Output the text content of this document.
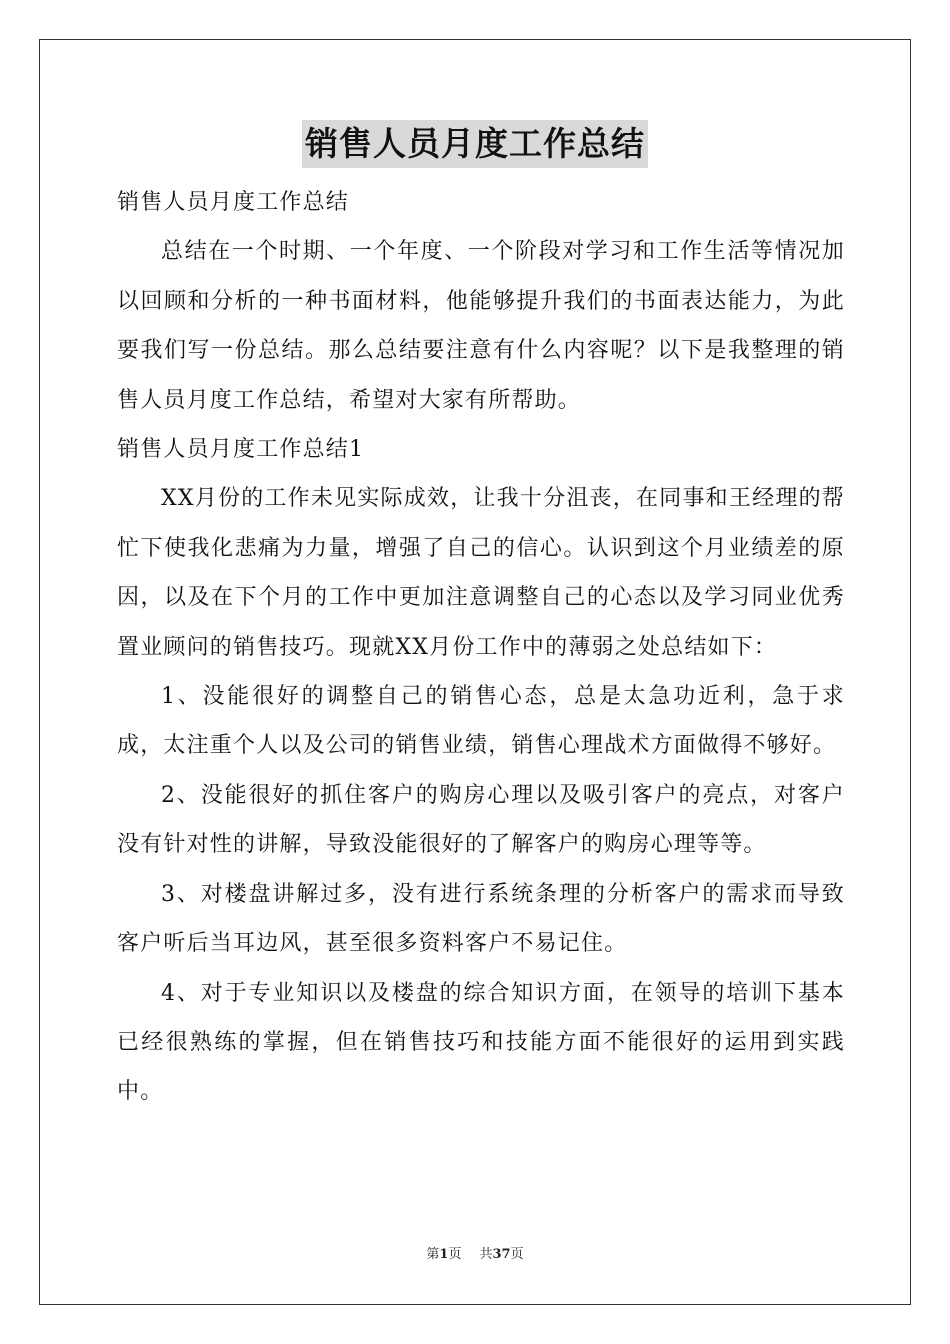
销售人员月度工作总结

销售人员月度工作总结

总结在一个时期、一个年度、一个阶段对学习和工作生活等情况加以回顾和分析的一种书面材料，他能够提升我们的书面表达能力，为此要我们写一份总结。那么总结要注意有什么内容呢？以下是我整理的销售人员月度工作总结，希望对大家有所帮助。

销售人员月度工作总结1

XX月份的工作未见实际成效，让我十分沮丧，在同事和王经理的帮忙下使我化悲痛为力量，增强了自己的信心。认识到这个月业绩差的原因，以及在下个月的工作中更加注意调整自己的心态以及学习同业优秀置业顾问的销售技巧。现就XX月份工作中的薄弱之处总结如下：

1、没能很好的调整自己的销售心态，总是太急功近利，急于求成，太注重个人以及公司的销售业绩，销售心理战术方面做得不够好。

2、没能很好的抓住客户的购房心理以及吸引客户的亮点，对客户没有针对性的讲解，导致没能很好的了解客户的购房心理等等。

3、对楼盘讲解过多，没有进行系统条理的分析客户的需求而导致客户听后当耳边风，甚至很多资料客户不易记住。

4、对于专业知识以及楼盘的综合知识方面，在领导的培训下基本已经很熟练的掌握，但在销售技巧和技能方面不能很好的运用到实践中。

第1页 共37页
